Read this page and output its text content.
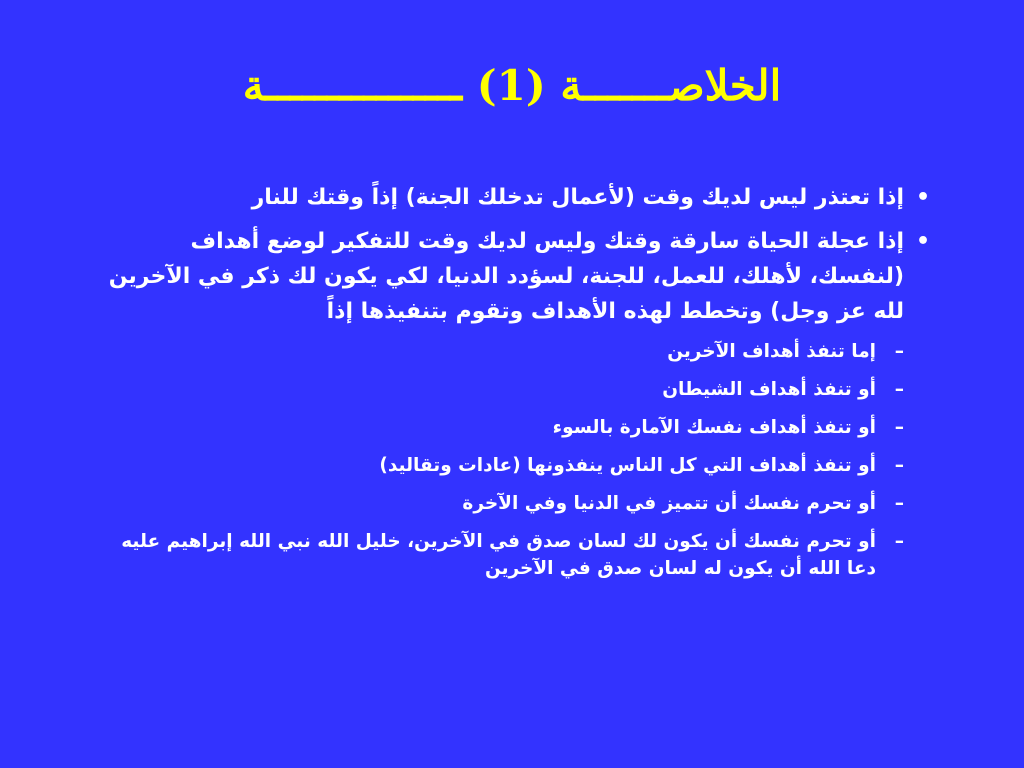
الخلاصـــــــة (1) ــــــــــــــــة
•
إذا تعتذر ليس لديك وقت (لأعمال تدخلك الجنة) إذاً وقتك للنار
•
إذا عجلة الحياة سارقة وقتك وليس لديك وقت للتفكير لوضع أهداف (لنفسك، لأهلك، للعمل، للجنة، لسؤدد الدنيا، لكي يكون لك ذكر في الآخرين لله عز وجل) وتخطط لهذه الأهداف وتقوم بتنفيذها إذاً
–
إما تنفذ أهداف الآخرين
–
أو تنفذ أهداف الشيطان
–
أو تنفذ أهداف نفسك الآمارة بالسوء
–
أو تنفذ أهداف التي كل الناس ينفذونها (عادات وتقاليد)
–
أو تحرم نفسك أن تتميز في الدنيا وفي الآخرة
–
أو تحرم نفسك أن يكون لك لسان صدق في الآخرين، خليل الله نبي الله إبراهيم عليه دعا الله أن يكون له لسان صدق في الآخرين
